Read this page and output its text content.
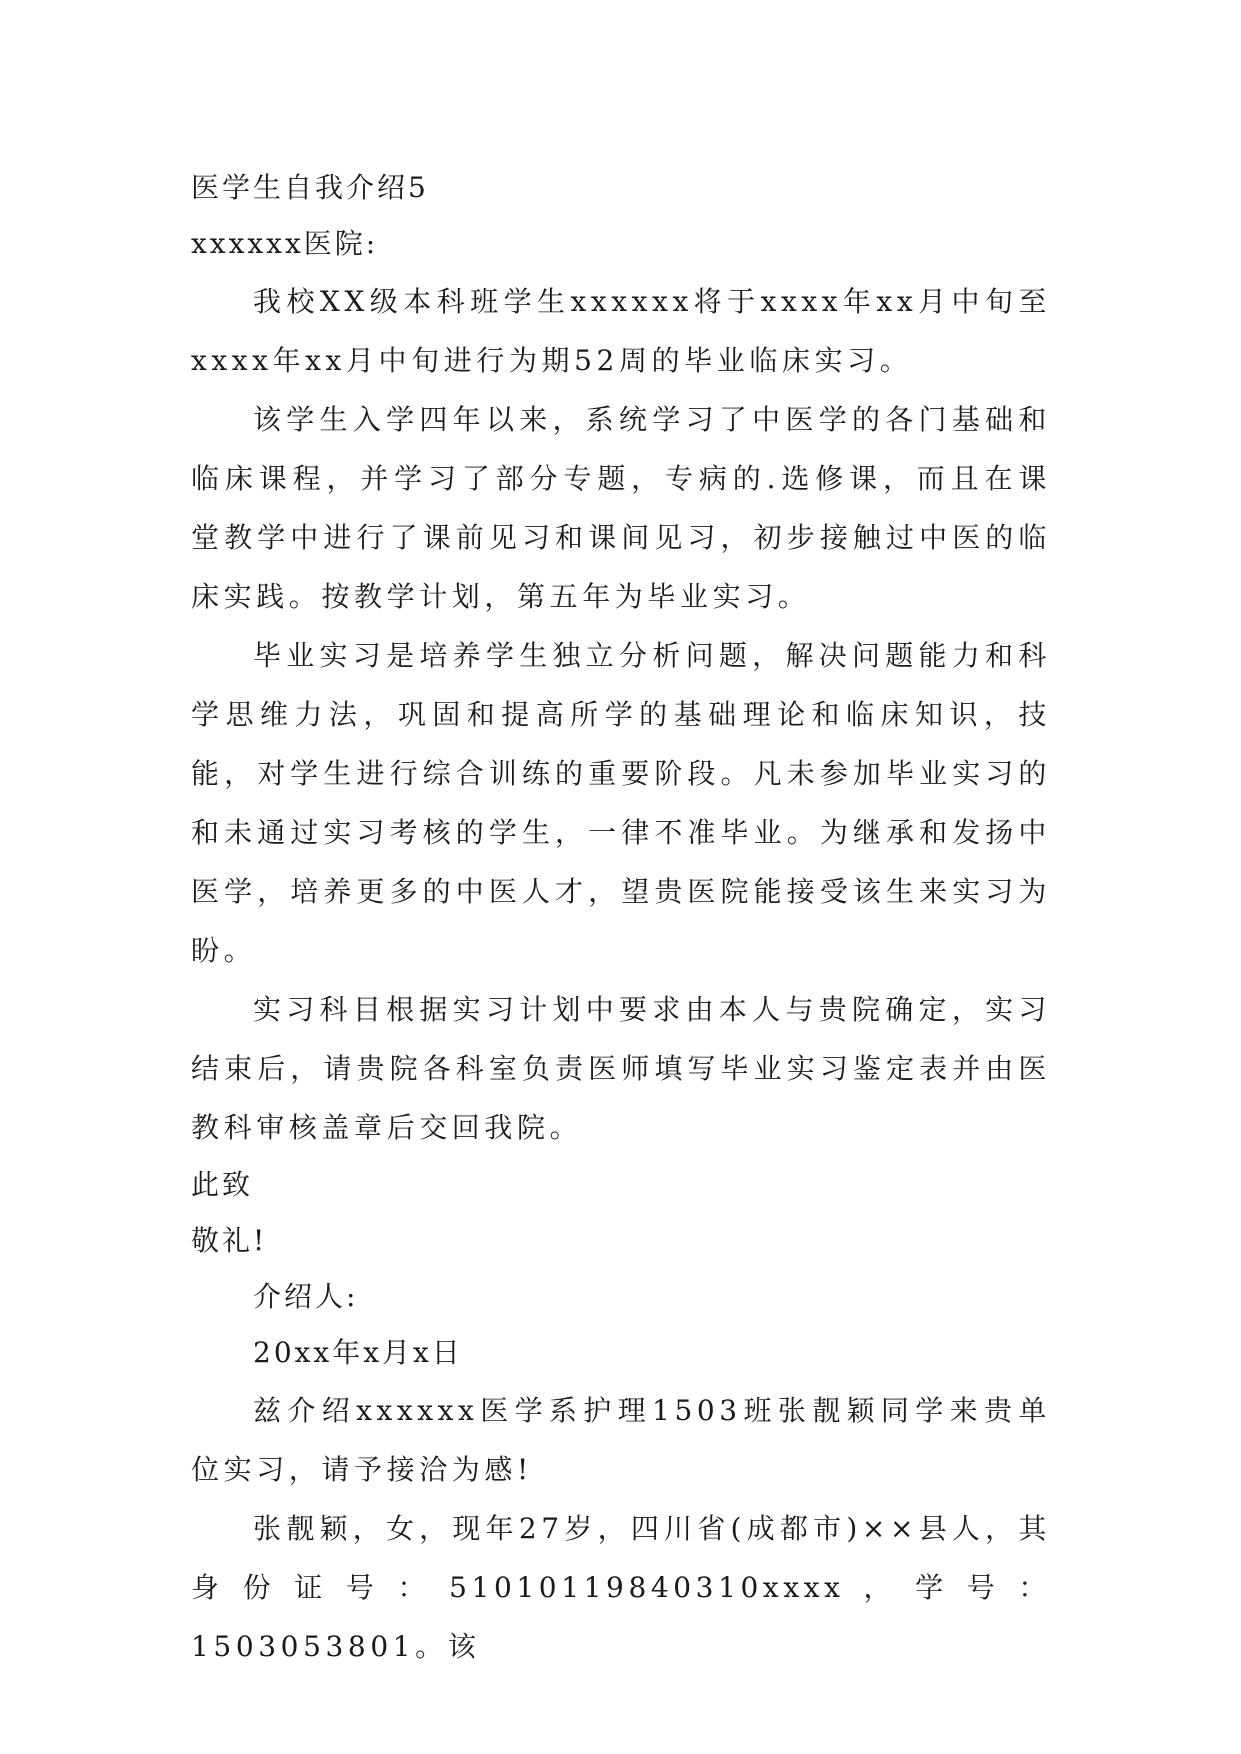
医学生自我介绍5

xxxxxx医院:

我校XX级本科班学生xxxxxx将于xxxx年xx月中旬至xxxx年xx月中旬进行为期52周的毕业临床实习。

该学生入学四年以来，系统学习了中医学的各门基础和临床课程，并学习了部分专题，专病的.选修课，而且在课堂教学中进行了课前见习和课间见习，初步接触过中医的临床实践。按教学计划，第五年为毕业实习。

毕业实习是培养学生独立分析问题，解决问题能力和科学思维力法，巩固和提高所学的基础理论和临床知识，技能，对学生进行综合训练的重要阶段。凡未参加毕业实习的和未通过实习考核的学生，一律不准毕业。为继承和发扬中医学，培养更多的中医人才，望贵医院能接受该生来实习为盼。

实习科目根据实习计划中要求由本人与贵院确定，实习结束后，请贵院各科室负责医师填写毕业实习鉴定表并由医教科审核盖章后交回我院。

此致

敬礼!

介绍人:

20xx年x月x日

兹介绍xxxxxx医学系护理1503班张靓颖同学来贵单位实习，请予接洽为感!

张靓颖，女，现年27岁，四川省(成都市)××县人，其身份证号：51010119840310xxxx，学号：1503053801。该
